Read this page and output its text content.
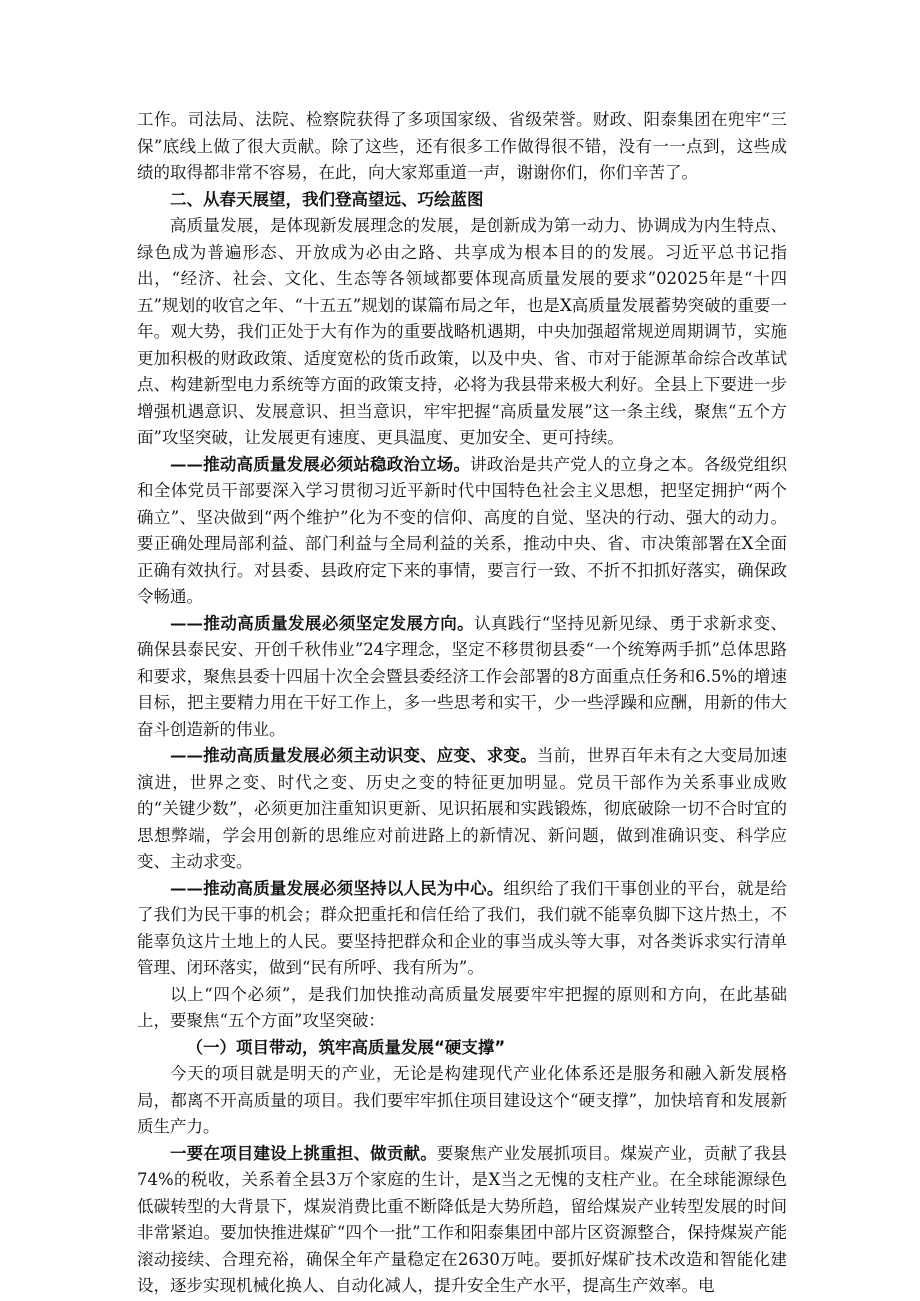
工作。司法局、法院、检察院获得了多项国家级、省级荣誉。财政、阳泰集团在兜牢“三保”底线上做了很大贡献。除了这些，还有很多工作做得很不错，没有一一点到，这些成绩的取得都非常不容易，在此，向大家郑重道一声，谢谢你们，你们辛苦了。

二、从春天展望，我们登高望远、巧绘蓝图

高质量发展，是体现新发展理念的发展，是创新成为第一动力、协调成为内生特点、绿色成为普遍形态、开放成为必由之路、共享成为根本目的的发展。习近平总书记指出，“经济、社会、文化、生态等各领域都要体现高质量发展的要求”02025年是“十四五”规划的收官之年、“十五五”规划的谋篇布局之年，也是X高质量发展蓄势突破的重要一年。观大势，我们正处于大有作为的重要战略机遇期，中央加强超常规逆周期调节，实施更加积极的财政政策、适度宽松的货币政策，以及中央、省、市对于能源革命综合改革试点、构建新型电力系统等方面的政策支持，必将为我县带来极大利好。全县上下要进一步增强机遇意识、发展意识、担当意识，牢牢把握“高质量发展”这一条主线，聚焦“五个方面”攻坚突破，让发展更有速度、更具温度、更加安全、更可持续。

——推动高质量发展必须站稳政治立场。讲政治是共产党人的立身之本。各级党组织和全体党员干部要深入学习贯彻习近平新时代中国特色社会主义思想，把坚定拥护“两个确立”、坚决做到“两个维护”化为不变的信仰、高度的自觉、坚决的行动、强大的动力。要正确处理局部利益、部门利益与全局利益的关系，推动中央、省、市决策部署在X全面正确有效执行。对县委、县政府定下来的事情，要言行一致、不折不扣抓好落实，确保政令畅通。

——推动高质量发展必须坚定发展方向。认真践行“坚持见新见绿、勇于求新求变、确保县泰民安、开创千秋伟业”24字理念，坚定不移贯彻县委“一个统筹两手抓”总体思路和要求，聚焦县委十四届十次全会暨县委经济工作会部署的8方面重点任务和6.5%的增速目标，把主要精力用在干好工作上，多一些思考和实干，少一些浮躁和应酬，用新的伟大奋斗创造新的伟业。

——推动高质量发展必须主动识变、应变、求变。当前，世界百年未有之大变局加速演进，世界之变、时代之变、历史之变的特征更加明显。党员干部作为关系事业成败的“关键少数”，必须更加注重知识更新、见识拓展和实践锻炼，彻底破除一切不合时宜的思想弊端，学会用创新的思维应对前进路上的新情况、新问题，做到准确识变、科学应变、主动求变。

——推动高质量发展必须坚持以人民为中心。组织给了我们干事创业的平台，就是给了我们为民干事的机会；群众把重托和信任给了我们，我们就不能辜负脚下这片热土，不能辜负这片土地上的人民。要坚持把群众和企业的事当成头等大事，对各类诉求实行清单管理、闭环落实，做到“民有所呼、我有所为”。

以上“四个必须”，是我们加快推动高质量发展要牢牢把握的原则和方向，在此基础上，要聚焦“五个方面”攻坚突破：

（一）项目带动，筑牢高质量发展“硬支撑”

今天的项目就是明天的产业，无论是构建现代产业化体系还是服务和融入新发展格局，都离不开高质量的项目。我们要牢牢抓住项目建设这个“硬支撑”，加快培育和发展新质生产力。

一要在项目建设上挑重担、做贡献。要聚焦产业发展抓项目。煤炭产业，贡献了我县74%的税收，关系着全县3万个家庭的生计，是X当之无愧的支柱产业。在全球能源绿色低碳转型的大背景下，煤炭消费比重不断降低是大势所趋，留给煤炭产业转型发展的时间非常紧迫。要加快推进煤矿“四个一批”工作和阳泰集团中部片区资源整合，保持煤炭产能滚动接续、合理充裕，确保全年产量稳定在2630万吨。要抓好煤矿技术改造和智能化建设，逐步实现机械化换人、自动化减人，提升安全生产水平，提高生产效率。电
